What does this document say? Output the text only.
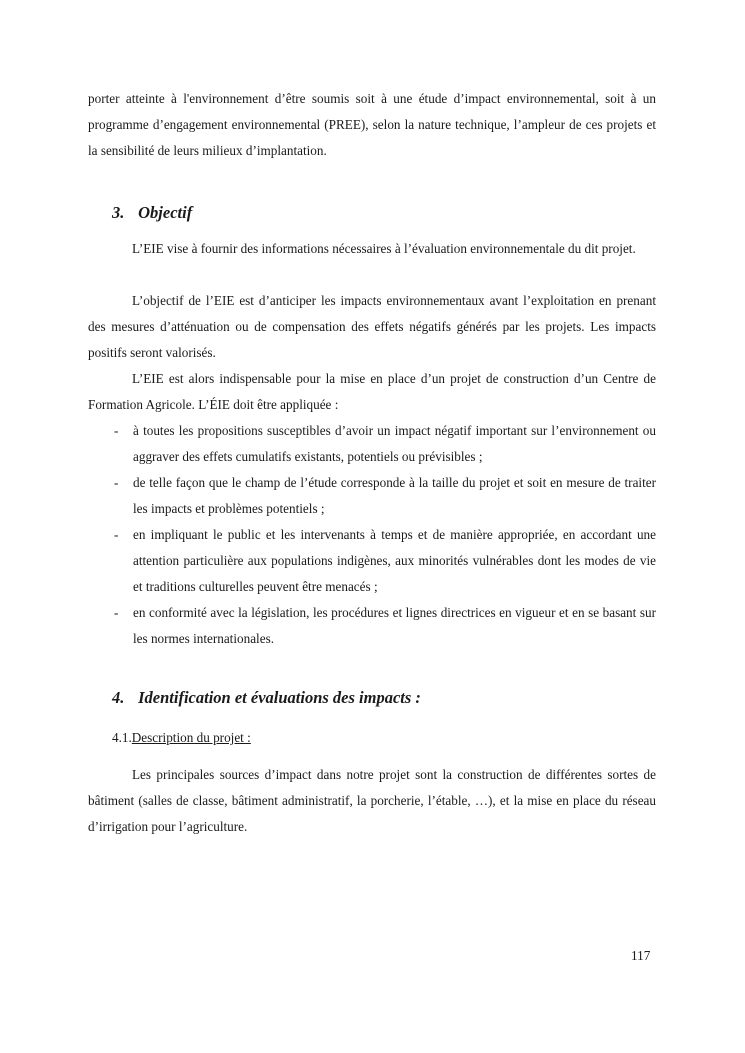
porter atteinte à l'environnement d’être soumis soit à une étude d’impact environnemental, soit à un programme d’engagement environnemental (PREE), selon la nature technique, l’ampleur de ces projets et la sensibilité de leurs milieux d’implantation.

3. Objectif

L’EIE vise à fournir des informations nécessaires à l’évaluation environnementale du dit projet.

L’objectif de l’EIE est d’anticiper les impacts environnementaux avant l’exploitation en prenant des mesures d’atténuation ou de compensation des effets négatifs générés par les projets. Les impacts positifs seront valorisés.

L’EIE est alors indispensable pour la mise en place d’un projet de construction d’un Centre de Formation Agricole. L’ÉIE doit être appliquée :

- à toutes les propositions susceptibles d’avoir un impact négatif important sur l’environnement ou aggraver des effets cumulatifs existants, potentiels ou prévisibles ;
- de telle façon que le champ de l’étude corresponde à la taille du projet et soit en mesure de traiter les impacts et problèmes potentiels ;
- en impliquant le public et les intervenants à temps et de manière appropriée, en accordant une attention particulière aux populations indigènes, aux minorités vulnérables dont les modes de vie et traditions culturelles peuvent être menacés ;
- en conformité avec la législation, les procédures et lignes directrices en vigueur et en se basant sur les normes internationales.
4. Identification et évaluations des impacts :
4.1.Description du projet :

Les principales sources d’impact dans notre projet sont la construction de différentes sortes de bâtiment (salles de classe, bâtiment administratif, la porcherie, l’étable, …), et la mise en place du réseau d’irrigation pour l’agriculture.

117
